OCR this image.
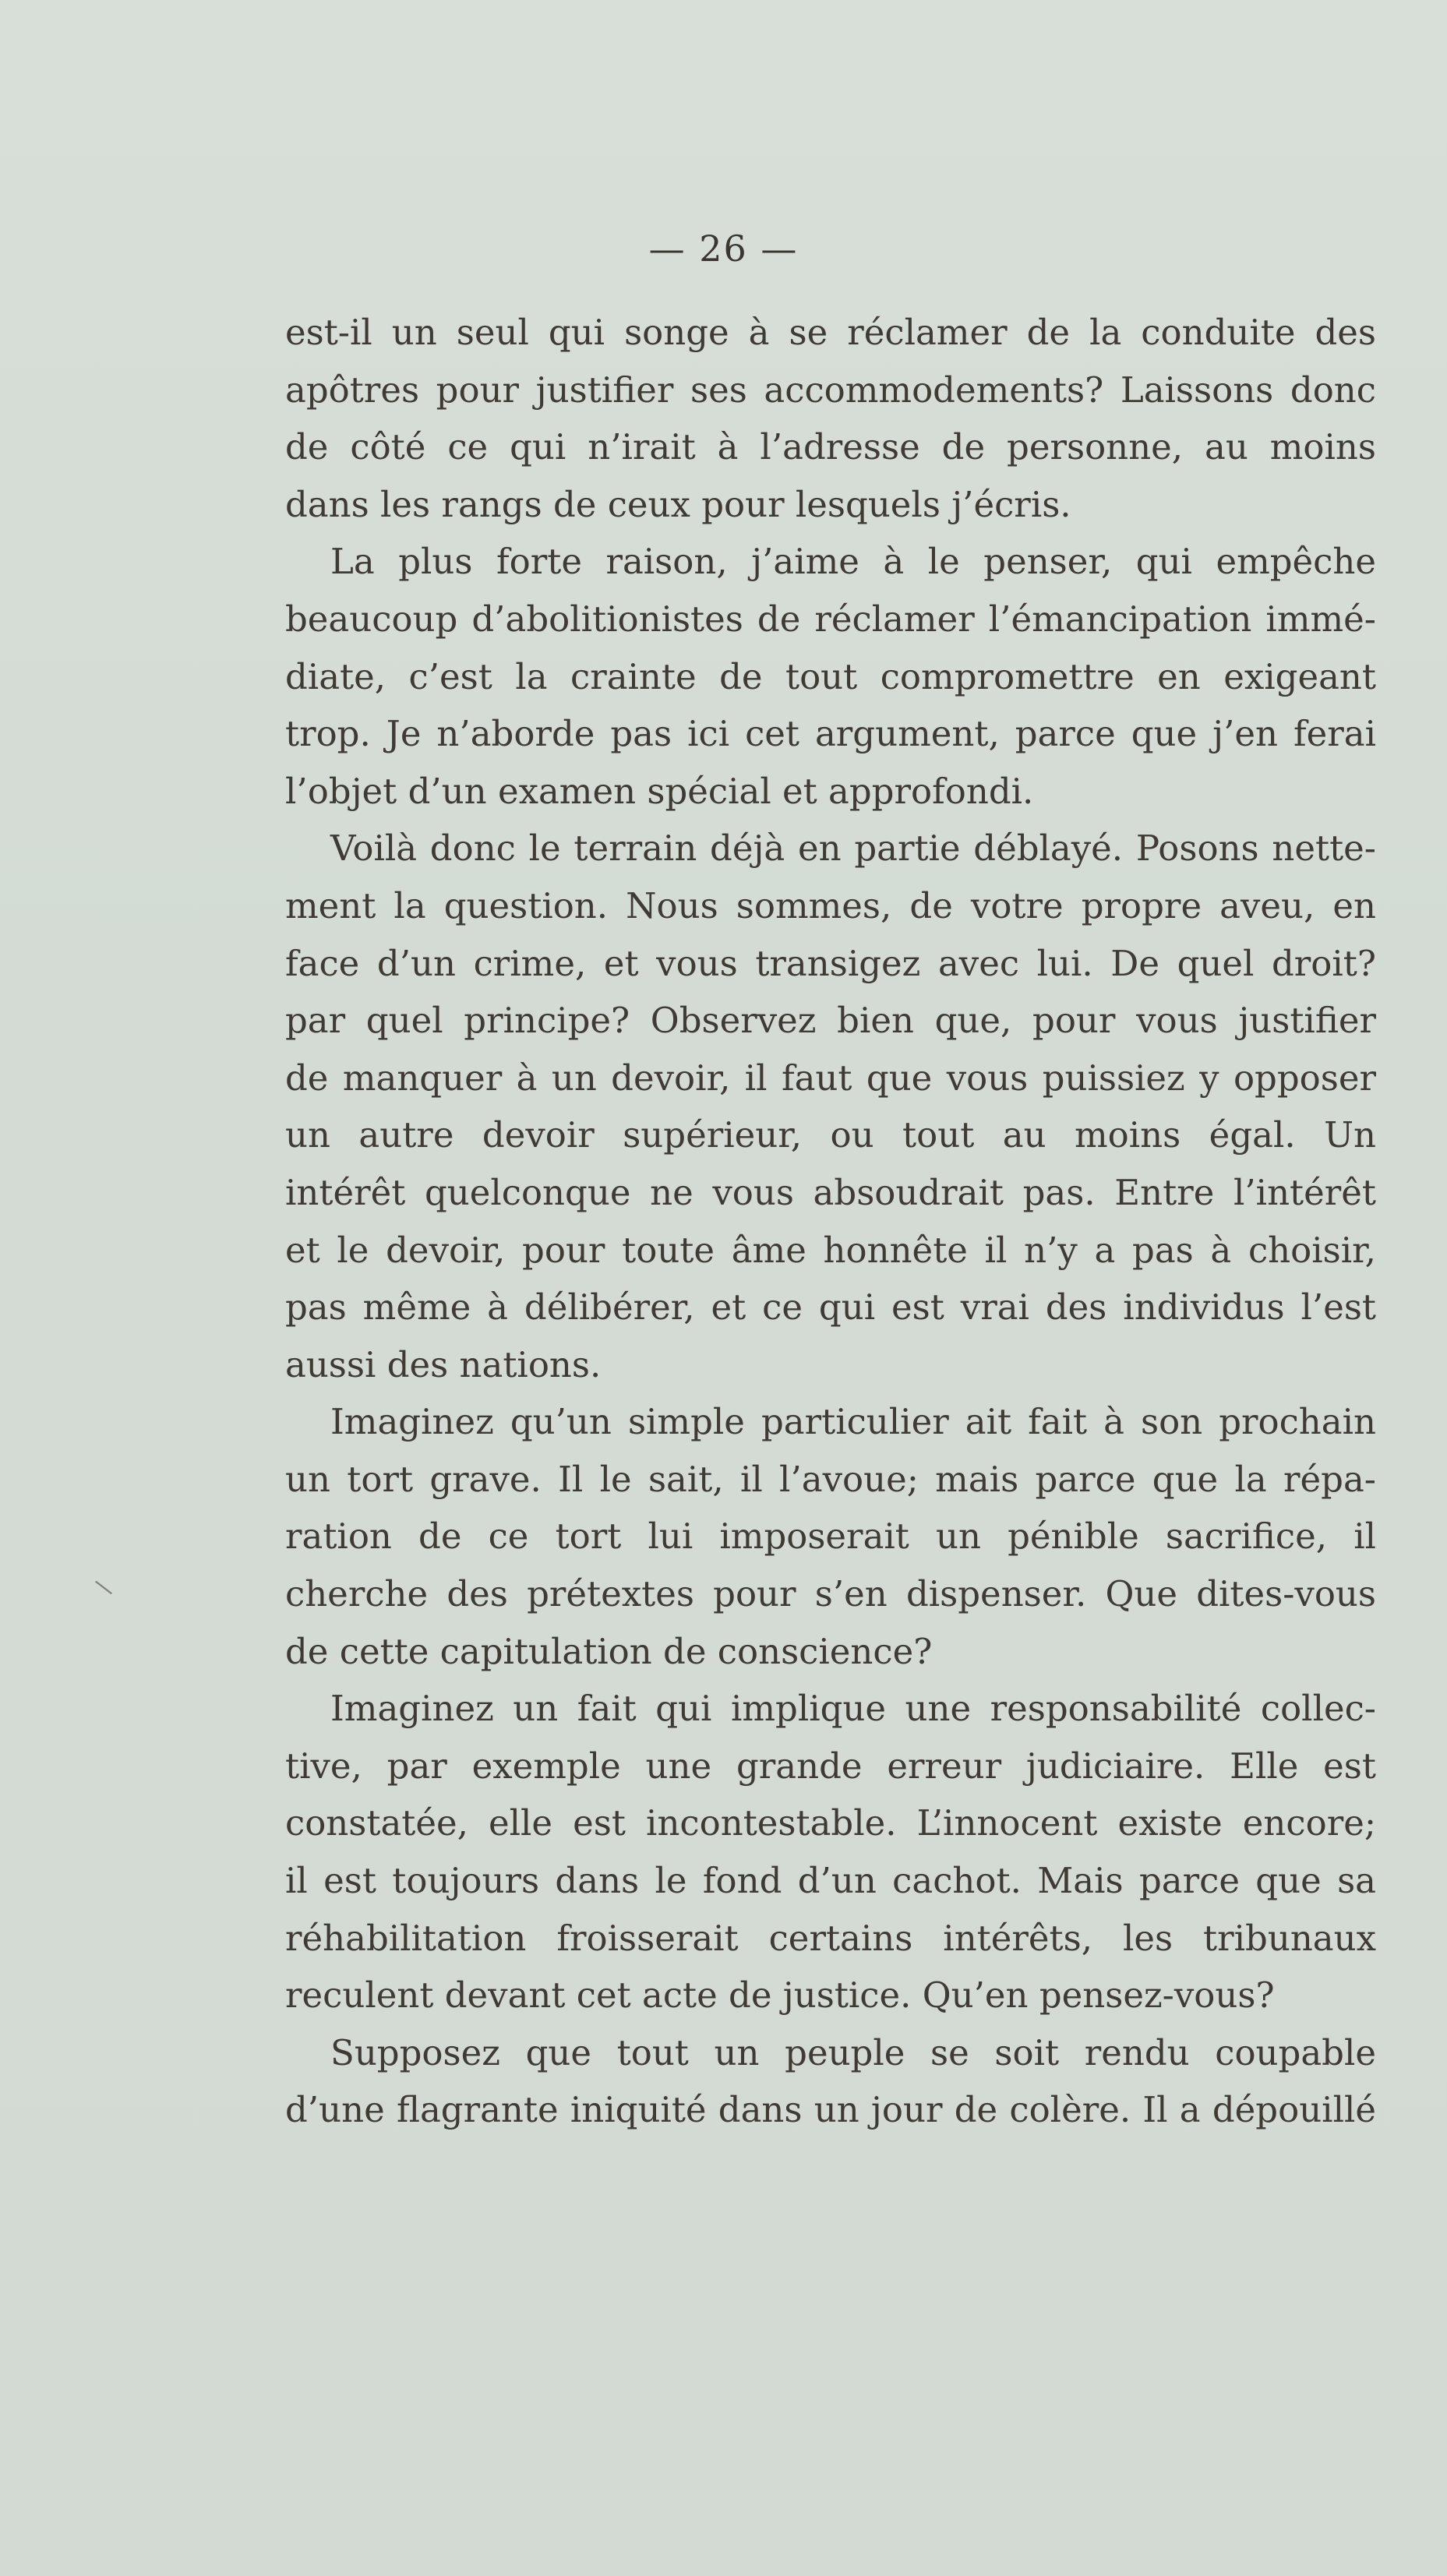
— 26 —
est-il un seul qui songe à se réclamer de la conduite des
apôtres pour justifier ses accommodements? Laissons donc
de côté ce qui n’irait à l’adresse de personne, au moins
dans les rangs de ceux pour lesquels j’écris.
La plus forte raison, j’aime à le penser, qui empêche
beaucoup d’abolitionistes de réclamer l’émancipation immé-
diate, c’est la crainte de tout compromettre en exigeant
trop. Je n’aborde pas ici cet argument, parce que j’en ferai
l’objet d’un examen spécial et approfondi.
Voilà donc le terrain déjà en partie déblayé. Posons nette-
ment la question. Nous sommes, de votre propre aveu, en
face d’un crime, et vous transigez avec lui. De quel droit?
par quel principe? Observez bien que, pour vous justifier
de manquer à un devoir, il faut que vous puissiez y opposer
un autre devoir supérieur, ou tout au moins égal. Un
intérêt quelconque ne vous absoudrait pas. Entre l’intérêt
et le devoir, pour toute âme honnête il n’y a pas à choisir,
pas même à délibérer, et ce qui est vrai des individus l’est
aussi des nations.
Imaginez qu’un simple particulier ait fait à son prochain
un tort grave. Il le sait, il l’avoue; mais parce que la répa-
ration de ce tort lui imposerait un pénible sacrifice, il
cherche des prétextes pour s’en dispenser. Que dites-vous
de cette capitulation de conscience?
Imaginez un fait qui implique une responsabilité collec-
tive, par exemple une grande erreur judiciaire. Elle est
constatée, elle est incontestable. L’innocent existe encore;
il est toujours dans le fond d’un cachot. Mais parce que sa
réhabilitation froisserait certains intérêts, les tribunaux
reculent devant cet acte de justice. Qu’en pensez-vous?
Supposez que tout un peuple se soit rendu coupable
d’une flagrante iniquité dans un jour de colère. Il a dépouillé
\
